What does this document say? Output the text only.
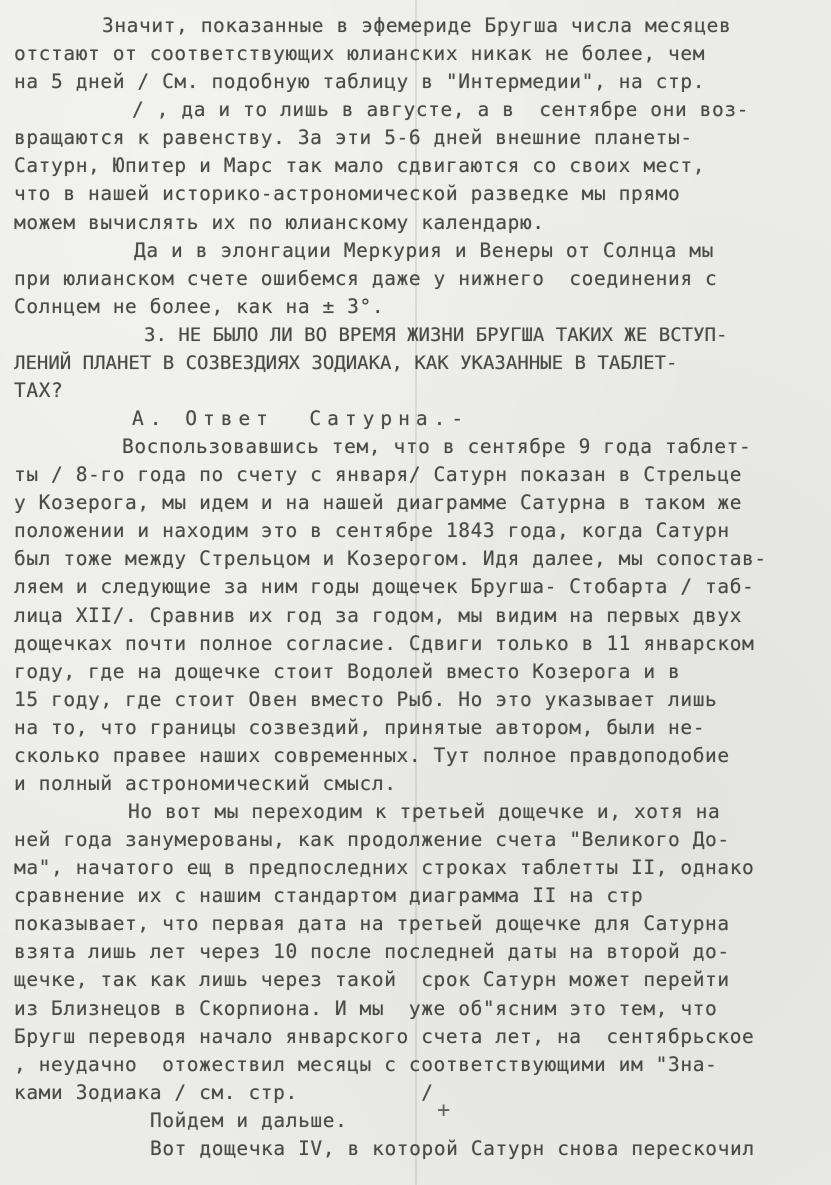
Значит, показанные в эфемериде Бругша числа месяцев
отстают от соответствующих юлианских никак не более, чем
на 5 дней / См. подобную таблицу в "Интермедии", на стр.
/ , да и то лишь в августе, а в  сентябре они воз-
вращаются к равенству. За эти 5-6 дней внешние планеты-
Сатурн, Юпитер и Марс так мало сдвигаются со своих мест,
что в нашей историко-астрономической разведке мы прямо
можем вычислять их по юлианскому календарю.
Да и в элонгации Меркурия и Венеры от Солнца мы
при юлианском счете ошибемся даже у нижнего  соединения с
Солнцем не более, как на ± 3°.
3. НЕ БЫЛО ЛИ ВО ВРЕМЯ ЖИЗНИ БРУГША ТАКИХ ЖЕ ВСТУП-
ЛЕНИЙ ПЛАНЕТ В СОЗВЕЗДИЯХ ЗОДИАКА, КАК УКАЗАННЫЕ В ТАБЛЕТ-
ТАХ?
А. Ответ  Сатурна.-
Воспользовавшись тем, что в сентябре 9 года таблет-
ты / 8-го года по счету с января/ Сатурн показан в Стрельце
у Козерога, мы идем и на нашей диаграмме Сатурна в таком же
положении и находим это в сентябре 1843 года, когда Сатурн
был тоже между Стрельцом и Козерогом. Идя далее, мы сопостав-
ляем и следующие за ним годы дощечек Бругша- Стобарта / таб-
лица XII/. Сравнив их год за годом, мы видим на первых двух
дощечках почти полное согласие. Сдвиги только в 11 январском
году, где на дощечке стоит Водолей вместо Козерога и в
15 году, где стоит Овен вместо Рыб. Но это указывает лишь
на то, что границы созвездий, принятые автором, были не-
сколько правее наших современных. Тут полное правдоподобие
и полный астрономический смысл.
Но вот мы переходим к третьей дощечке и, хотя на
ней года занумерованы, как продолжение счета "Великого До-
ма", начатого ещ в предпоследних строках таблетты II, однако
сравнение их с нашим стандартом диаграмма II на стр
показывает, что первая дата на третьей дощечке для Сатурна
взята лишь лет через 10 после последней даты на второй до-
щечке, так как лишь через такой  срок Сатурн может перейти
из Близнецов в Скорпиона. И мы  уже об"ясним это тем, что
Бругш переводя начало январского счета лет, на  сентябрьское
, неудачно  отожествил месяцы с соответствующими им "Зна-
ками Зодиака / см. стр.          /
Пойдем и дальше.
Вот дощечка IV, в которой Сатурн снова перескочил
+
